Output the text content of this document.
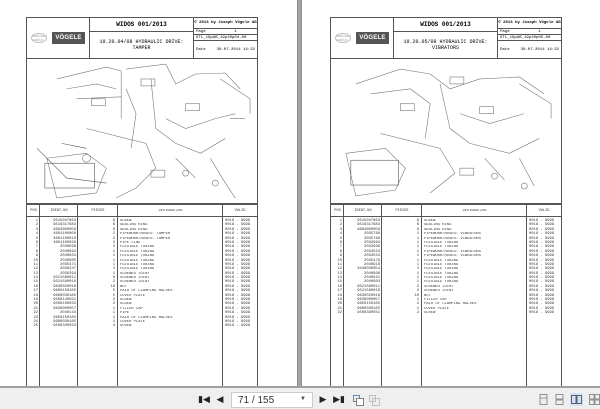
WIRTGEN GROUP	VÖGELE
WIDOS 001/2013
19.20.04/08 HYDRAULIC DRIVE: TAMPER
© 2013 by Joseph Vögele AG
Page	1
STL_19pAB_19p20p04-00
Date	30.07.2014 14:32
POS	IDENT-NO	PIECES	DESIGNATION	VALID
1	9515047663	6	SCREW	0018 - 9999
2	9518317683	6	SEALING RING	0018 - 9999
3	9694800058	6	SEALING RING	0018 - 9999
4	4601100009	2	PIPEWORK/HOSES: TAMPER	0018 - 9999
5	4601100018	2	PIPEWORK/HOSES: TAMPER	0018 - 9999
6	4601100028	2	PIPE LINE	0018 - 9999
7	2040898	2	FLEXIBLE TUBING	0018 - 9999
8	2040893	1	FLEXIBLE TUBING	0018 - 9999
9	2040904	1	FLEXIBLE TUBING	0018 - 9999
10	2040905	1	FLEXIBLE TUBING	0018 - 9999
11	2035471	1	FLEXIBLE TUBING	0018 - 9999
12	2036447	2	FLEXIBLE TUBING	0018 - 9999
13	2036394	1	SCREWED JOINT	0018 - 9999
14	9521580011	6	SCREWED JOINT	0018 - 9999
15	9521580018	2	SCREWED JOINT	0018 - 9999
16	9630020018	16	NUT	0018 - 9999
17	9660150185	5	PAIR OF CLAMPING HALVES	0018 - 9999
18	9680030185	5	COVER PLATE	0018 - 9999
19	9508140031	2	SCREW	0018 - 9999
20	9508160033	2	SCREW	0018 - 9999
21	9638000057	1	FILLER CAP	0018 - 9999
22	2040144	1	PIPE	0018 - 9999
23	9650150185	1	PAIR OF CLAMPING HALVES	0018 - 9999
24	9680030185	2	COVER PLATE	0018 - 9999
25	9506330033	4	SCREW	0018 - 9999
WIRTGEN GROUP	VÖGELE
WIDOS 001/2013
19.20.05/08 HYDRAULIC DRIVE: VIBRATORS
© 2013 by Joseph Vögele AG
Page	1
STL_19pAB_19p20p05-00
Date	30.07.2014 14:32
POS	IDENT-NO	PIECES	DESIGNATION	VALID
1	9515047663	6	SCREW	0018 - 9999
2	9518317683	6	SEALING RING	0018 - 9999
3	9694800058	6	SEALING RING	0018 - 9999
4	2035768	1	PIPEWORK/HOSES: VIBRATORS	0018 - 9999
5	2035769	1	PIPEWORK/HOSES: VIBRATORS	0018 - 9999
6	2032994	1	FLEXIBLE TUBING	0018 - 9999
7	2032996	1	FLEXIBLE TUBING	0018 - 9999
8	2034553	1	PIPEWORK/HOSES: VIBRATORS	0018 - 9999
9	2034554	1	PIPEWORK/HOSES: VIBRATORS	0018 - 9999
10	2035479	1	FLEXIBLE TUBING	0018 - 9999
11	2040919	1	FLEXIBLE TUBING	0018 - 9999
12	3440030054	2	FLEXIBLE TUBING	0018 - 9999
13	2040908	1	FLEXIBLE TUBING	0018 - 9999
14	2040921	1	FLEXIBLE TUBING	0018 - 9999
15	2040903	1	FLEXIBLE TUBING	0018 - 9999
16	9521580011	2	SCREWED JOINT	0018 - 9999
17	9521580018	2	SCREWED JOINT	0018 - 9999
18	9630020018	10	NUT	0018 - 9999
19	9638000057	1	FILLER CAP	0018 - 9999
20	9650150185	2	PAIR OF CLAMPING HALVES	0018 - 9999
21	9680030185	1	COVER PLATE	0018 - 9999
22	9506390031	2	SCREW	0018 - 9999
▮◀ ◀ 71 / 155	▼ ▶ ▶▮
